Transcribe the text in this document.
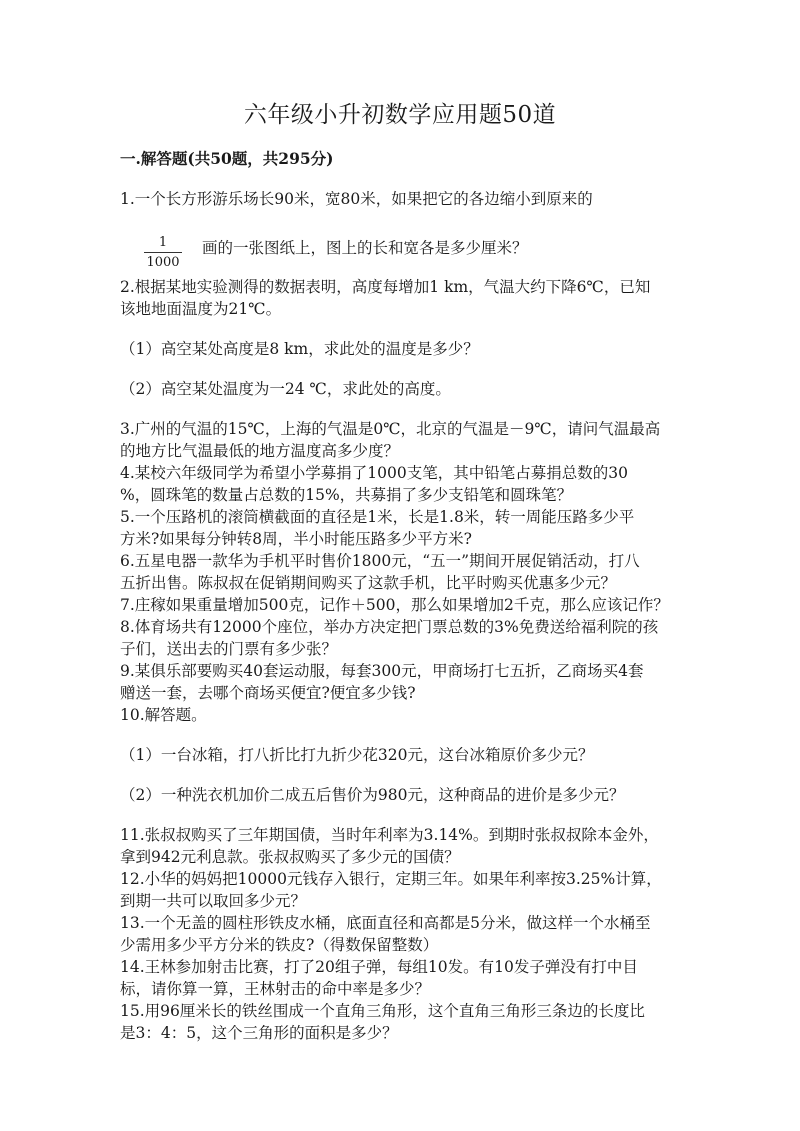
六年级小升初数学应用题50道
一.解答题(共50题，共295分)
1.一个长方形游乐场长90米，宽80米，如果把它的各边缩小到原来的
1
1000
画的一张图纸上，图上的长和宽各是多少厘米？
2.根据某地实验测得的数据表明，高度每增加1 km，气温大约下降6℃，已知
该地地面温度为21℃。
（1）高空某处高度是8 km，求此处的温度是多少？
（2）高空某处温度为一24 ℃，求此处的高度。
3.广州的气温的15℃，上海的气温是0℃，北京的气温是－9℃，请问气温最高
的地方比气温最低的地方温度高多少度？
4.某校六年级同学为希望小学募捐了1000支笔，其中铅笔占募捐总数的30
%，圆珠笔的数量占总数的15%，共募捐了多少支铅笔和圆珠笔？
5.一个压路机的滚筒横截面的直径是1米，长是1.8米，转一周能压路多少平
方米?如果每分钟转8周，半小时能压路多少平方米?
6.五星电器一款华为手机平时售价1800元，“五一”期间开展促销活动，打八
五折出售。陈叔叔在促销期间购买了这款手机，比平时购买优惠多少元？
7.庄稼如果重量增加500克，记作＋500，那么如果增加2千克，那么应该记作？
8.体育场共有12000个座位，举办方决定把门票总数的3%免费送给福利院的孩
子们，送出去的门票有多少张？
9.某俱乐部要购买40套运动服，每套300元，甲商场打七五折，乙商场买4套
赠送一套，去哪个商场买便宜?便宜多少钱?
10.解答题。
（1）一台冰箱，打八折比打九折少花320元，这台冰箱原价多少元？
（2）一种洗衣机加价二成五后售价为980元，这种商品的进价是多少元？
11.张叔叔购买了三年期国债，当时年利率为3.14%。到期时张叔叔除本金外，
拿到942元利息款。张叔叔购买了多少元的国债？
12.小华的妈妈把10000元钱存入银行，定期三年。如果年利率按3.25%计算，
到期一共可以取回多少元？
13.一个无盖的圆柱形铁皮水桶，底面直径和高都是5分米，做这样一个水桶至
少需用多少平方分米的铁皮?（得数保留整数）
14.王林参加射击比赛，打了20组子弹，每组10发。有10发子弹没有打中目
标，请你算一算，王林射击的命中率是多少？
15.用96厘米长的铁丝围成一个直角三角形，这个直角三角形三条边的长度比
是3：4：5，这个三角形的面积是多少？
